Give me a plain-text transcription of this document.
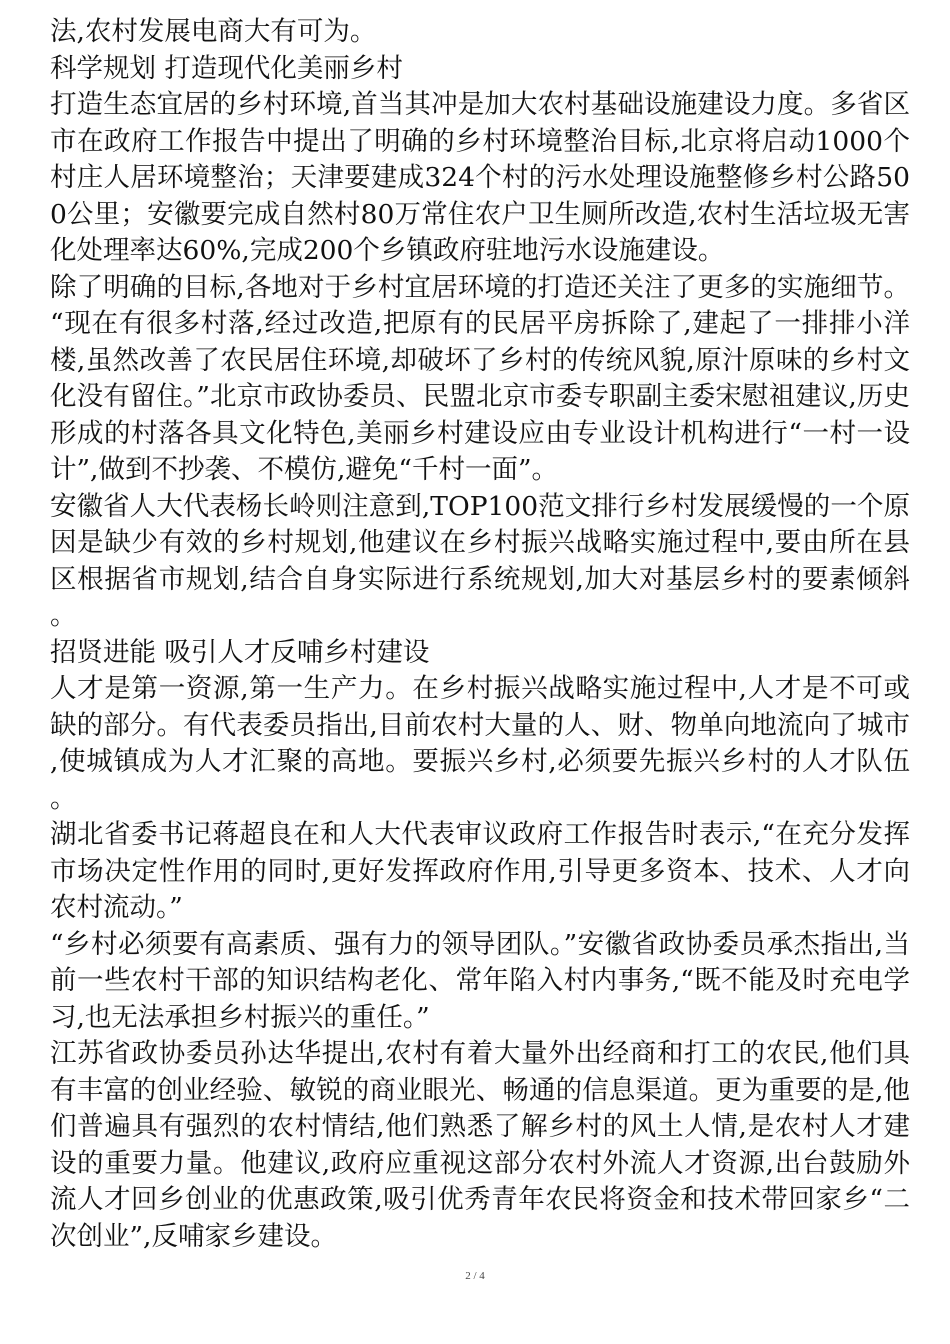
法,农村发展电商大有可为。

科学规划 打造现代化美丽乡村

打造生态宜居的乡村环境,首当其冲是加大农村基础设施建设力度。多省区市在政府工作报告中提出了明确的乡村环境整治目标,北京将启动1000个村庄人居环境整治；天津要建成324个村的污水处理设施整修乡村公路500公里；安徽要完成自然村80万常住农户卫生厕所改造,农村生活垃圾无害化处理率达60%,完成200个乡镇政府驻地污水设施建设。

除了明确的目标,各地对于乡村宜居环境的打造还关注了更多的实施细节。“现在有很多村落,经过改造,把原有的民居平房拆除了,建起了一排排小洋楼,虽然改善了农民居住环境,却破坏了乡村的传统风貌,原汁原味的乡村文化没有留住。”北京市政协委员、民盟北京市委专职副主委宋慰祖建议,历史形成的村落各具文化特色,美丽乡村建设应由专业设计机构进行“一村一设计”,做到不抄袭、不模仿,避免“千村一面”。

安徽省人大代表杨长岭则注意到,TOP100范文排行乡村发展缓慢的一个原因是缺少有效的乡村规划,他建议在乡村振兴战略实施过程中,要由所在县区根据省市规划,结合自身实际进行系统规划,加大对基层乡村的要素倾斜。

招贤进能 吸引人才反哺乡村建设

人才是第一资源,第一生产力。在乡村振兴战略实施过程中,人才是不可或缺的部分。有代表委员指出,目前农村大量的人、财、物单向地流向了城市,使城镇成为人才汇聚的高地。要振兴乡村,必须要先振兴乡村的人才队伍。

湖北省委书记蒋超良在和人大代表审议政府工作报告时表示,“在充分发挥市场决定性作用的同时,更好发挥政府作用,引导更多资本、技术、人才向农村流动。”

“乡村必须要有高素质、强有力的领导团队。”安徽省政协委员承杰指出,当前一些农村干部的知识结构老化、常年陷入村内事务,“既不能及时充电学习,也无法承担乡村振兴的重任。”

江苏省政协委员孙达华提出,农村有着大量外出经商和打工的农民,他们具有丰富的创业经验、敏锐的商业眼光、畅通的信息渠道。更为重要的是,他们普遍具有强烈的农村情结,他们熟悉了解乡村的风土人情,是农村人才建设的重要力量。他建议,政府应重视这部分农村外流人才资源,出台鼓励外流人才回乡创业的优惠政策,吸引优秀青年农民将资金和技术带回家乡“二次创业”,反哺家乡建设。

2 / 4
